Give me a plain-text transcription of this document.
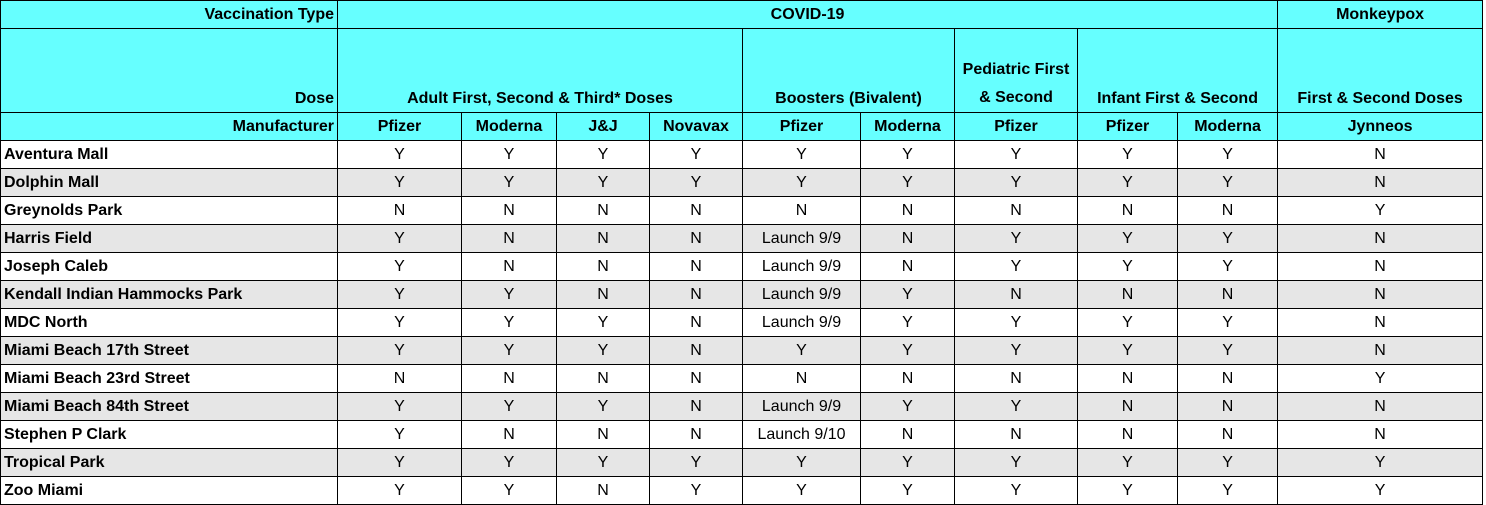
Vaccination Type	COVID-19									Monkeypox
Dose	Adult First, Second & Third* Doses				Boosters (Bivalent)		Pediatric First & Second	Infant First & Second		First & Second Doses
Manufacturer	Pfizer	Moderna	J&J	Novavax	Pfizer	Moderna	Pfizer	Pfizer	Moderna	Jynneos
Aventura Mall	Y	Y	Y	Y	Y	Y	Y	Y	Y	N
Dolphin Mall	Y	Y	Y	Y	Y	Y	Y	Y	Y	N
Greynolds Park	N	N	N	N	N	N	N	N	N	Y
Harris Field	Y	N	N	N	Launch 9/9	N	Y	Y	Y	N
Joseph Caleb	Y	N	N	N	Launch 9/9	N	Y	Y	Y	N
Kendall Indian Hammocks Park	Y	Y	N	N	Launch 9/9	Y	N	N	N	N
MDC North	Y	Y	Y	N	Launch 9/9	Y	Y	Y	Y	N
Miami Beach 17th Street	Y	Y	Y	N	Y	Y	Y	Y	Y	N
Miami Beach 23rd Street	N	N	N	N	N	N	N	N	N	Y
Miami Beach 84th Street	Y	Y	Y	N	Launch 9/9	Y	Y	N	N	N
Stephen P Clark	Y	N	N	N	Launch 9/10	N	N	N	N	N
Tropical Park	Y	Y	Y	Y	Y	Y	Y	Y	Y	Y
Zoo Miami	Y	Y	N	Y	Y	Y	Y	Y	Y	Y
